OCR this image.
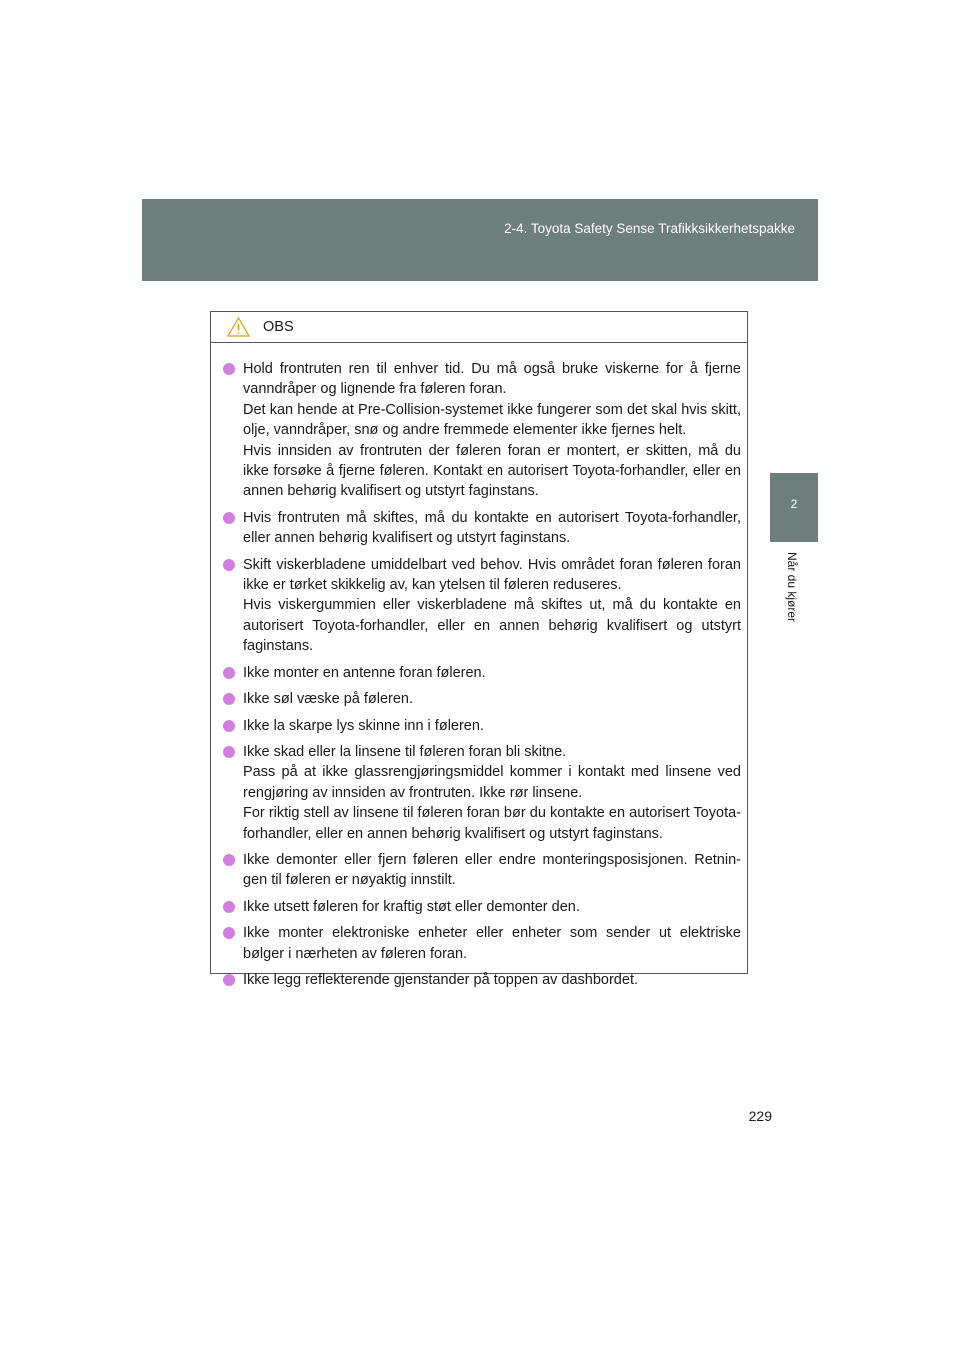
2-4. Toyota Safety Sense Trafikksikkerhetspakke
2
Når du kjører
OBS
Hold frontruten ren til enhver tid. Du må også bruke viskerne for å fjerne vanndråper og lignende fra føleren foran.
Det kan hende at Pre-Collision-systemet ikke fungerer som det skal hvis skitt, olje, vanndråper, snø og andre fremmede elementer ikke fjernes helt.
Hvis innsiden av frontruten der føleren foran er montert, er skitten, må du ikke forsøke å fjerne føleren. Kontakt en autorisert Toyota-forhandler, eller en annen behørig kvalifisert og utstyrt faginstans.
Hvis frontruten må skiftes, må du kontakte en autorisert Toyota-forhandler, eller annen behørig kvalifisert og utstyrt faginstans.
Skift viskerbladene umiddelbart ved behov. Hvis området foran føleren foran ikke er tørket skikkelig av, kan ytelsen til føleren reduseres.
Hvis viskergummien eller viskerbladene må skiftes ut, må du kontakte en autorisert Toyota-forhandler, eller en annen behørig kvalifisert og utstyrt faginstans.
Ikke monter en antenne foran føleren.
Ikke søl væske på føleren.
Ikke la skarpe lys skinne inn i føleren.
Ikke skad eller la linsene til føleren foran bli skitne.
Pass på at ikke glassrengjøringsmiddel kommer i kontakt med linsene ved rengjøring av innsiden av frontruten. Ikke rør linsene.
For riktig stell av linsene til føleren foran bør du kontakte en autorisert Toyota-forhandler, eller en annen behørig kvalifisert og utstyrt faginstans.
Ikke demonter eller fjern føleren eller endre monteringsposisjonen. Retnin-gen til føleren er nøyaktig innstilt.
Ikke utsett føleren for kraftig støt eller demonter den.
Ikke monter elektroniske enheter eller enheter som sender ut elektriske bølger i nærheten av føleren foran.
Ikke legg reflekterende gjenstander på toppen av dashbordet.
229
